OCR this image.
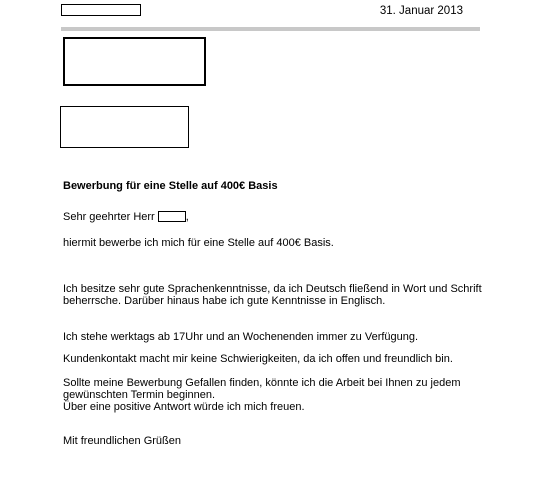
31. Januar 2013
Bewerbung für eine Stelle auf 400€ Basis
Sehr geehrter Herr	,
hiermit bewerbe ich mich für eine Stelle auf 400€ Basis.
Ich besitze sehr gute Sprachenkenntnisse, da ich Deutsch fließend in Wort und Schrift
beherrsche. Darüber hinaus habe ich gute Kenntnisse in Englisch.
Ich stehe werktags ab 17Uhr und an Wochenenden immer zu Verfügung.
Kundenkontakt macht mir keine Schwierigkeiten, da ich offen und freundlich bin.
Sollte meine Bewerbung Gefallen finden, könnte ich die Arbeit bei Ihnen zu jedem
gewünschten Termin beginnen.
Über eine positive Antwort würde ich mich freuen.
Mit freundlichen Grüßen
